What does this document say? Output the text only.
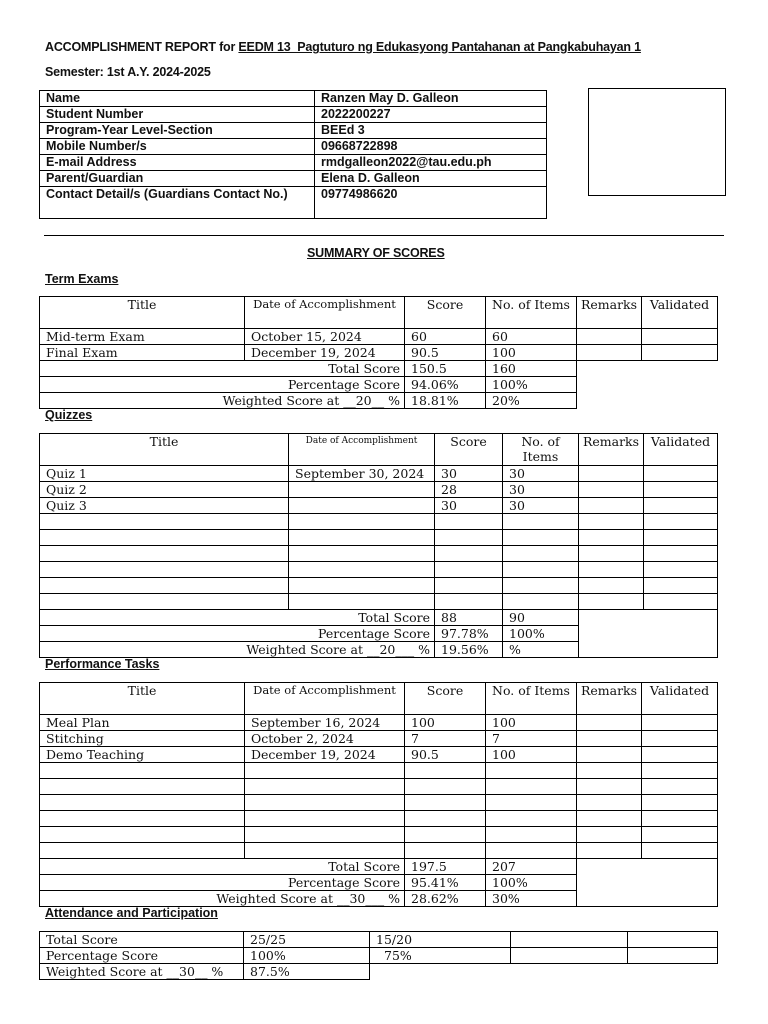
ACCOMPLISHMENT REPORT for EEDM 13_Pagtuturo ng Edukasyong Pantahanan at Pangkabuhayan 1
Semester: 1st A.Y. 2024-2025
Name	Ranzen May D. Galleon
Student Number	2022200227
Program-Year Level-Section	BEEd 3
Mobile Number/s	09668722898
E-mail Address	rmdgalleon2022@tau.edu.ph
Parent/Guardian	Elena D. Galleon
Contact Detail/s (Guardians Contact No.)	09774986620
SUMMARY OF SCORES
Term Exams
Title	Date of Accomplishment	Score	No. of Items	Remarks	Validated
Mid-term Exam	October 15, 2024	60	60		
Final Exam	December 19, 2024	90.5	100		
Total Score		150.5	160		
Percentage Score		94.06%	100%		
Weighted Score at __20__ %		18.81%	20%		
Quizzes
Title	Date of Accomplishment	Score	No. of Items	Remarks	Validated
Quiz 1	September 30, 2024	30	30		
Quiz 2		28	30		
Quiz 3		30	30		

Total Score		88	90		
Percentage Score		97.78%	100%		
Weighted Score at __20___ %		19.56%	%		
Performance Tasks
Title	Date of Accomplishment	Score	No. of Items	Remarks	Validated
Meal Plan	September 16, 2024	100	100		
Stitching	October 2, 2024	7	7		
Demo Teaching	December 19, 2024	90.5	100		

Total Score		197.5	207		
Percentage Score		95.41%	100%		
Weighted Score at __30___ %		28.62%	30%		
Attendance and Participation
Total Score	25/25	15/20		
Percentage Score	100%	75%		
Weighted Score at __30__ %	87.5%			
